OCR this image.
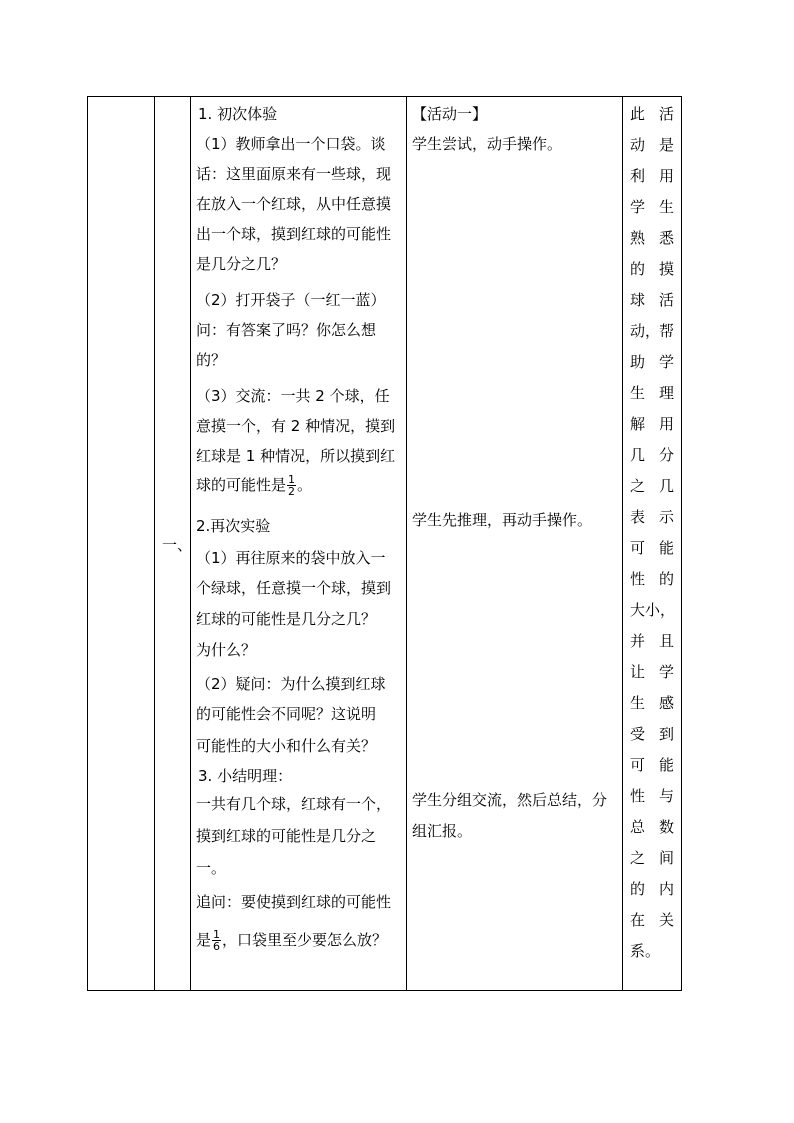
一、
1. 初次体验
（1）教师拿出一个口袋。谈
话：这里面原来有一些球，现
在放入一个红球，从中任意摸
出一个球，摸到红球的可能性
是几分之几？
（2）打开袋子（一红一蓝）
问：有答案了吗？你怎么想
的？
（3）交流：一共 2 个球，任
意摸一个，有 2 种情况，摸到
红球是 1 种情况，所以摸到红
球的可能性是 $\frac{1}{2}$ 。
2.再次实验
（1）再往原来的袋中放入一
个绿球，任意摸一个球，摸到
红球的可能性是几分之几？
为什么？
（2）疑问：为什么摸到红球
的可能性会不同呢？这说明
可能性的大小和什么有关？
3. 小结明理：
一共有几个球，红球有一个，
摸到红球的可能性是几分之
一。
追问：要使摸到红球的可能性
是 $\frac{1}{6}$ ，口袋里至少要怎么放？
【活动一】
学生尝试，动手操作。
学生先推理，再动手操作。
学生分组交流，然后总结，分
组汇报。
此 活
动 是
利 用
学 生
熟 悉
的 摸
球 活
动，
帮
助 学
生 理
解 用
几 分
之 几
表 示
可 能
性 的
大小，
并 且
让 学
生 感
受 到
可 能
性 与
总 数
之 间
的 内
在 关
系。
